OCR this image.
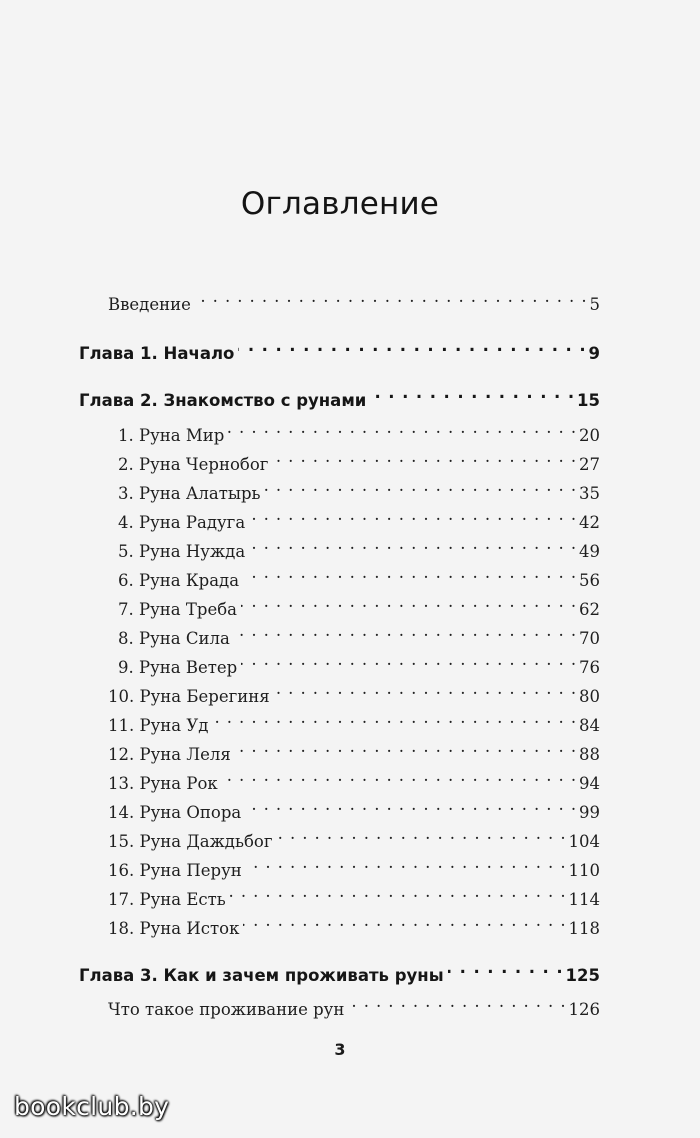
Оглавление
Введение . . .	5
Глава 1. Начало . . .	9
Глава 2. Знакомство с рунами . . .	15
1. Руна Мир . . .	20
2. Руна Чернобог . . .	27
3. Руна Алатырь . . .	35
4. Руна Радуга . . .	42
5. Руна Нужда . . .	49
6. Руна Крада . . .	56
7. Руна Треба . . .	62
8. Руна Сила . . .	70
9. Руна Ветер . . .	76
10. Руна Берегиня . . .	80
11. Руна Уд . . .	84
12. Руна Леля . . .	88
13. Руна Рок . . .	94
14. Руна Опора . . .	99
15. Руна Даждьбог . . .	104
16. Руна Перун . . .	110
17. Руна Есть . . .	114
18. Руна Исток . . .	118
Глава 3. Как и зачем проживать руны . . .	125
Что такое проживание рун . . .	126
3
bookclub.by
